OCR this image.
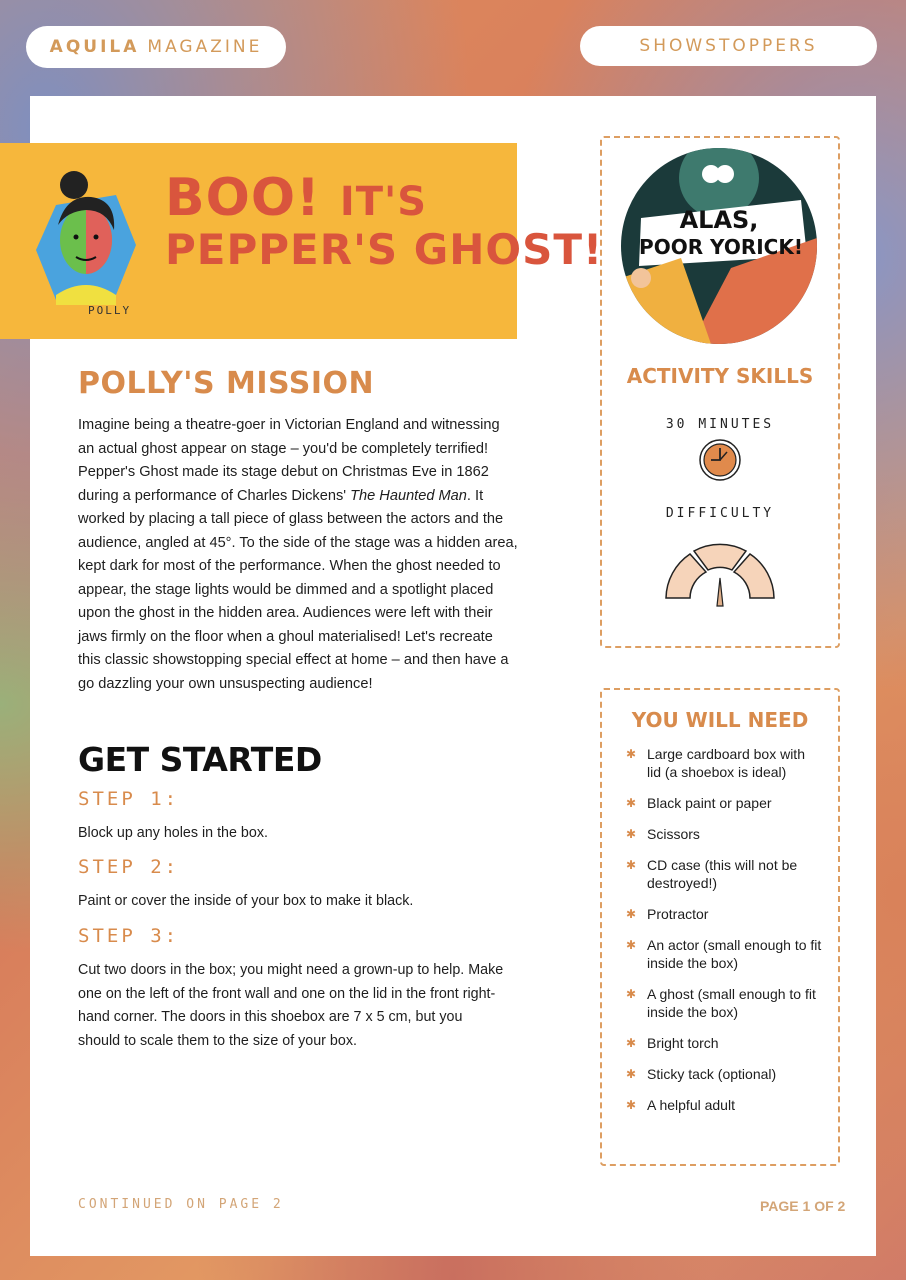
AQUILA MAGAZINE	SHOWSTOPPERS
POLLY
BOO! IT'S
PEPPER'S GHOST!
POLLY'S MISSION

Imagine being a theatre-goer in Victorian England and witnessing an actual ghost appear on stage – you'd be completely terrified! Pepper's Ghost made its stage debut on Christmas Eve in 1862 during a performance of Charles Dickens' The Haunted Man. It worked by placing a tall piece of glass between the actors and the audience, angled at 45°. To the side of the stage was a hidden area, kept dark for most of the performance. When the ghost needed to appear, the stage lights would be dimmed and a spotlight placed upon the ghost in the hidden area. Audiences were left with their jaws firmly on the floor when a ghoul materialised! Let's recreate this classic showstopping special effect at home – and then have a go dazzling your own unsuspecting audience!

GET STARTED
STEP 1:

Block up any holes in the box.

STEP 2:

Paint or cover the inside of your box to make it black.

STEP 3:

Cut two doors in the box; you might need a grown-up to help. Make one on the left of the front wall and one on the lid in the front right-hand corner. The doors in this shoebox are 7 x 5 cm, but you should to scale them to the size of your box.

CONTINUED ON PAGE 2	PAGE 1 OF 2
ALAS,
POOR YORICK!
ACTIVITY SKILLS
30 MINUTES
DIFFICULTY
YOU WILL NEED
✱ Large cardboard box with lid (a shoebox is ideal)
✱ Black paint or paper
✱ Scissors
✱ CD case (this will not be destroyed!)
✱ Protractor
✱ An actor (small enough to fit inside the box)
✱ A ghost (small enough to fit inside the box)
✱ Bright torch
✱ Sticky tack (optional)
✱ A helpful adult
